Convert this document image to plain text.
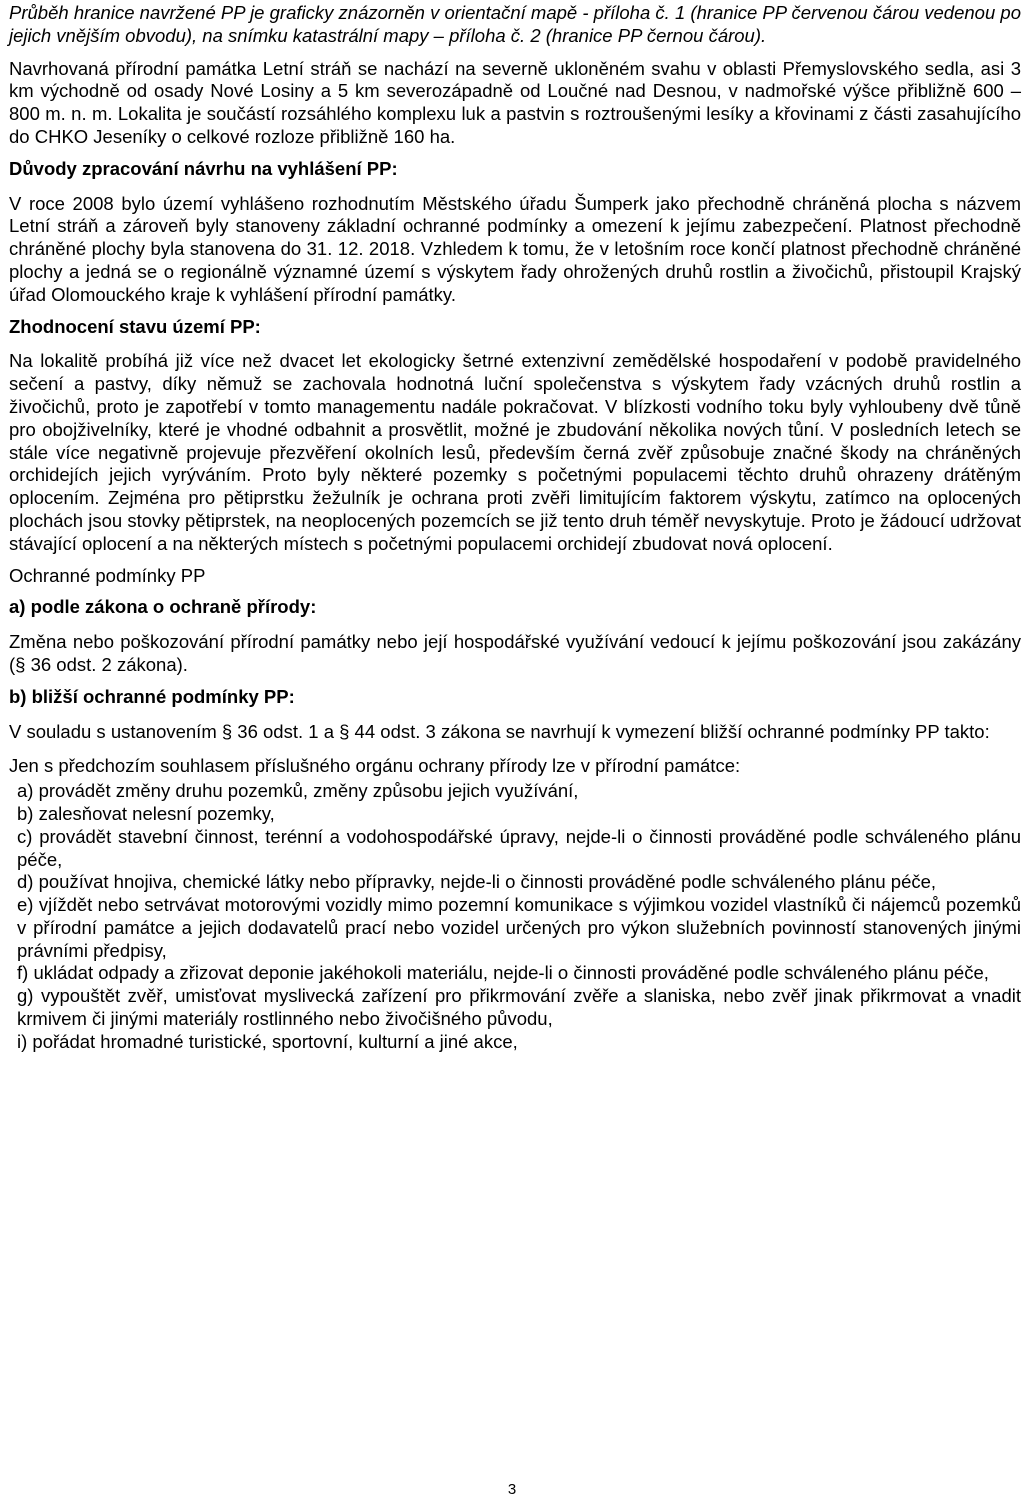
Průběh hranice navržené PP je graficky znázorněn v orientační mapě - příloha č. 1 (hranice PP červenou čárou vedenou po jejich vnějším obvodu), na snímku katastrální mapy – příloha č. 2 (hranice PP černou čárou).

Navrhovaná přírodní památka Letní stráň se nachází na severně ukloněném svahu v oblasti Přemyslovského sedla, asi 3 km východně od osady Nové Losiny a 5 km severozápadně od Loučné nad Desnou, v nadmořské výšce přibližně 600 – 800 m. n. m. Lokalita je součástí rozsáhlého komplexu luk a pastvin s roztroušenými lesíky a křovinami z části zasahujícího do CHKO Jeseníky o celkové rozloze přibližně 160 ha.

Důvody zpracování návrhu na vyhlášení PP:

V roce 2008 bylo území vyhlášeno rozhodnutím Městského úřadu Šumperk jako přechodně chráněná plocha s názvem Letní stráň a zároveň byly stanoveny základní ochranné podmínky a omezení k jejímu zabezpečení. Platnost přechodně chráněné plochy byla stanovena do 31. 12. 2018. Vzhledem k tomu, že v letošním roce končí platnost přechodně chráněné plochy a jedná se o regionálně významné území s výskytem řady ohrožených druhů rostlin a živočichů, přistoupil Krajský úřad Olomouckého kraje k vyhlášení přírodní památky.

Zhodnocení stavu území PP:

Na lokalitě probíhá již více než dvacet let ekologicky šetrné extenzivní zemědělské hospodaření v podobě pravidelného sečení a pastvy, díky němuž se zachovala hodnotná luční společenstva s výskytem řady vzácných druhů rostlin a živočichů, proto je zapotřebí v tomto managementu nadále pokračovat. V blízkosti vodního toku byly vyhloubeny dvě tůně pro obojživelníky, které je vhodné odbahnit a prosvětlit, možné je zbudování několika nových tůní. V posledních letech se stále více negativně projevuje přezvěření okolních lesů, především černá zvěř způsobuje značné škody na chráněných orchidejích jejich vyrýváním. Proto byly některé pozemky s početnými populacemi těchto druhů ohrazeny drátěným oplocením. Zejména pro pětiprstku žežulník je ochrana proti zvěři limitujícím faktorem výskytu, zatímco na oplocených plochách jsou stovky pětiprstek, na neoplocených pozemcích se již tento druh téměř nevyskytuje. Proto je žádoucí udržovat stávající oplocení a na některých místech s početnými populacemi orchidejí zbudovat nová oplocení.

Ochranné podmínky PP
a) podle zákona o ochraně přírody:

Změna nebo poškozování přírodní památky nebo její hospodářské využívání vedoucí k jejímu poškozování jsou zakázány (§ 36 odst. 2 zákona).

b) bližší ochranné podmínky PP:

V souladu s ustanovením § 36 odst. 1 a § 44 odst. 3 zákona se navrhují k vymezení bližší ochranné podmínky PP takto:

Jen s předchozím souhlasem příslušného orgánu ochrany přírody lze v přírodní památce:

a) provádět změny druhu pozemků, změny způsobu jejich využívání,
b) zalesňovat nelesní pozemky,
c) provádět stavební činnost, terénní a vodohospodářské úpravy, nejde-li o činnosti prováděné podle schváleného plánu péče,
d) používat hnojiva, chemické látky nebo přípravky, nejde-li o činnosti prováděné podle schváleného plánu péče,
e) vjíždět nebo setrvávat motorovými vozidly mimo pozemní komunikace s výjimkou vozidel vlastníků či nájemců pozemků v přírodní památce a jejich dodavatelů prací nebo vozidel určených pro výkon služebních povinností stanovených jinými právními předpisy,
f) ukládat odpady a zřizovat deponie jakéhokoli materiálu, nejde-li o činnosti prováděné podle schváleného plánu péče,
g) vypouštět zvěř, umisťovat myslivecká zařízení pro přikrmování zvěře a slaniska, nebo zvěř jinak přikrmovat a vnadit krmivem či jinými materiály rostlinného nebo živočišného původu,
i) pořádat hromadné turistické, sportovní, kulturní a jiné akce,
3
